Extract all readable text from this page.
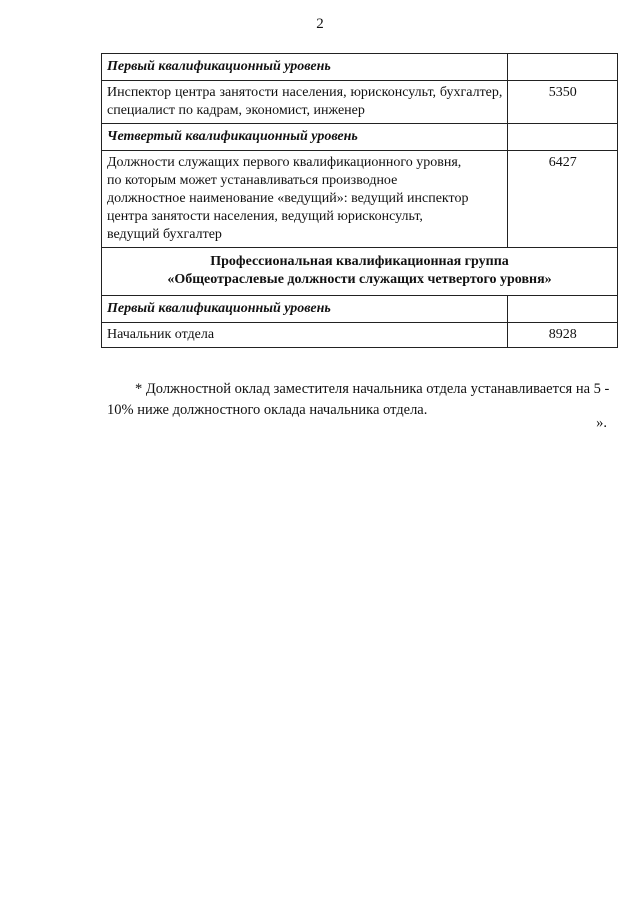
2
Первый квалификационный уровень	
Инспектор центра занятости населения, юрисконсульт, бухгалтер, специалист по кадрам, экономист, инженер	5350
Четвертый квалификационный уровень	
Должности служащих первого квалификационного уровня,
по которым может устанавливаться производное
должностное наименование «ведущий»: ведущий инспектор
центра занятости населения, ведущий юрисконсульт,
ведущий бухгалтер	6427

Профессиональная квалификационная группа
«Общеотраслевые должности служащих четвертого уровня»	

Первый квалификационный уровень	
Начальник отдела	8928

* Должностной оклад заместителя начальника отдела устанавливается на 5 - 10% ниже должностного оклада начальника отдела.

».
